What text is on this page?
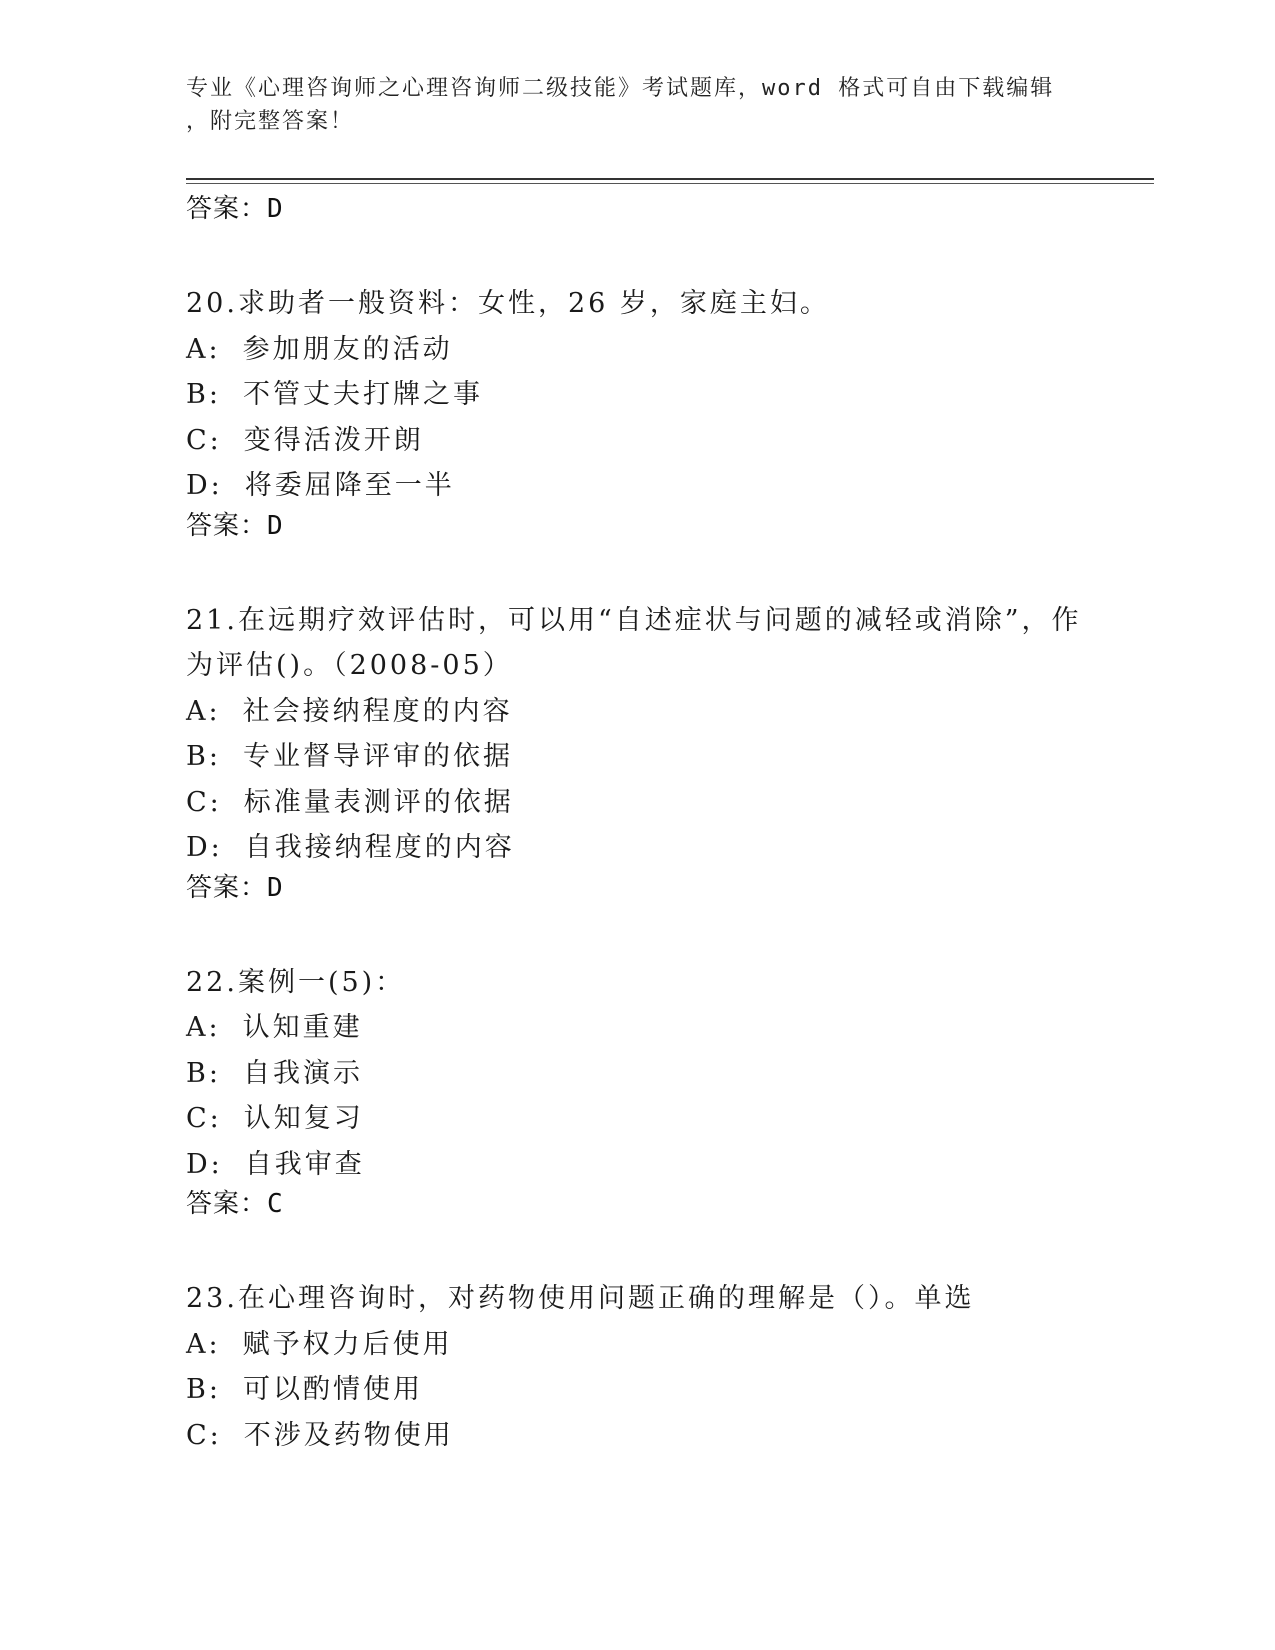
专业《心理咨询师之心理咨询师二级技能》考试题库，word 格式可自由下载编辑
，附完整答案！
答案：D
20.求助者一般资料：女性，26 岁，家庭主妇。
A: 参加朋友的活动
B: 不管丈夫打牌之事
C: 变得活泼开朗
D: 将委屈降至一半
答案：D
21.在远期疗效评估时，可以用“自述症状与问题的减轻或消除”，作为评估()。（2008-05）
A: 社会接纳程度的内容
B: 专业督导评审的依据
C: 标准量表测评的依据
D: 自我接纳程度的内容
答案：D
22.案例一(5)：
A: 认知重建
B: 自我演示
C: 认知复习
D: 自我审查
答案：C
23.在心理咨询时，对药物使用问题正确的理解是（）。单选
A: 赋予权力后使用
B: 可以酌情使用
C: 不涉及药物使用
